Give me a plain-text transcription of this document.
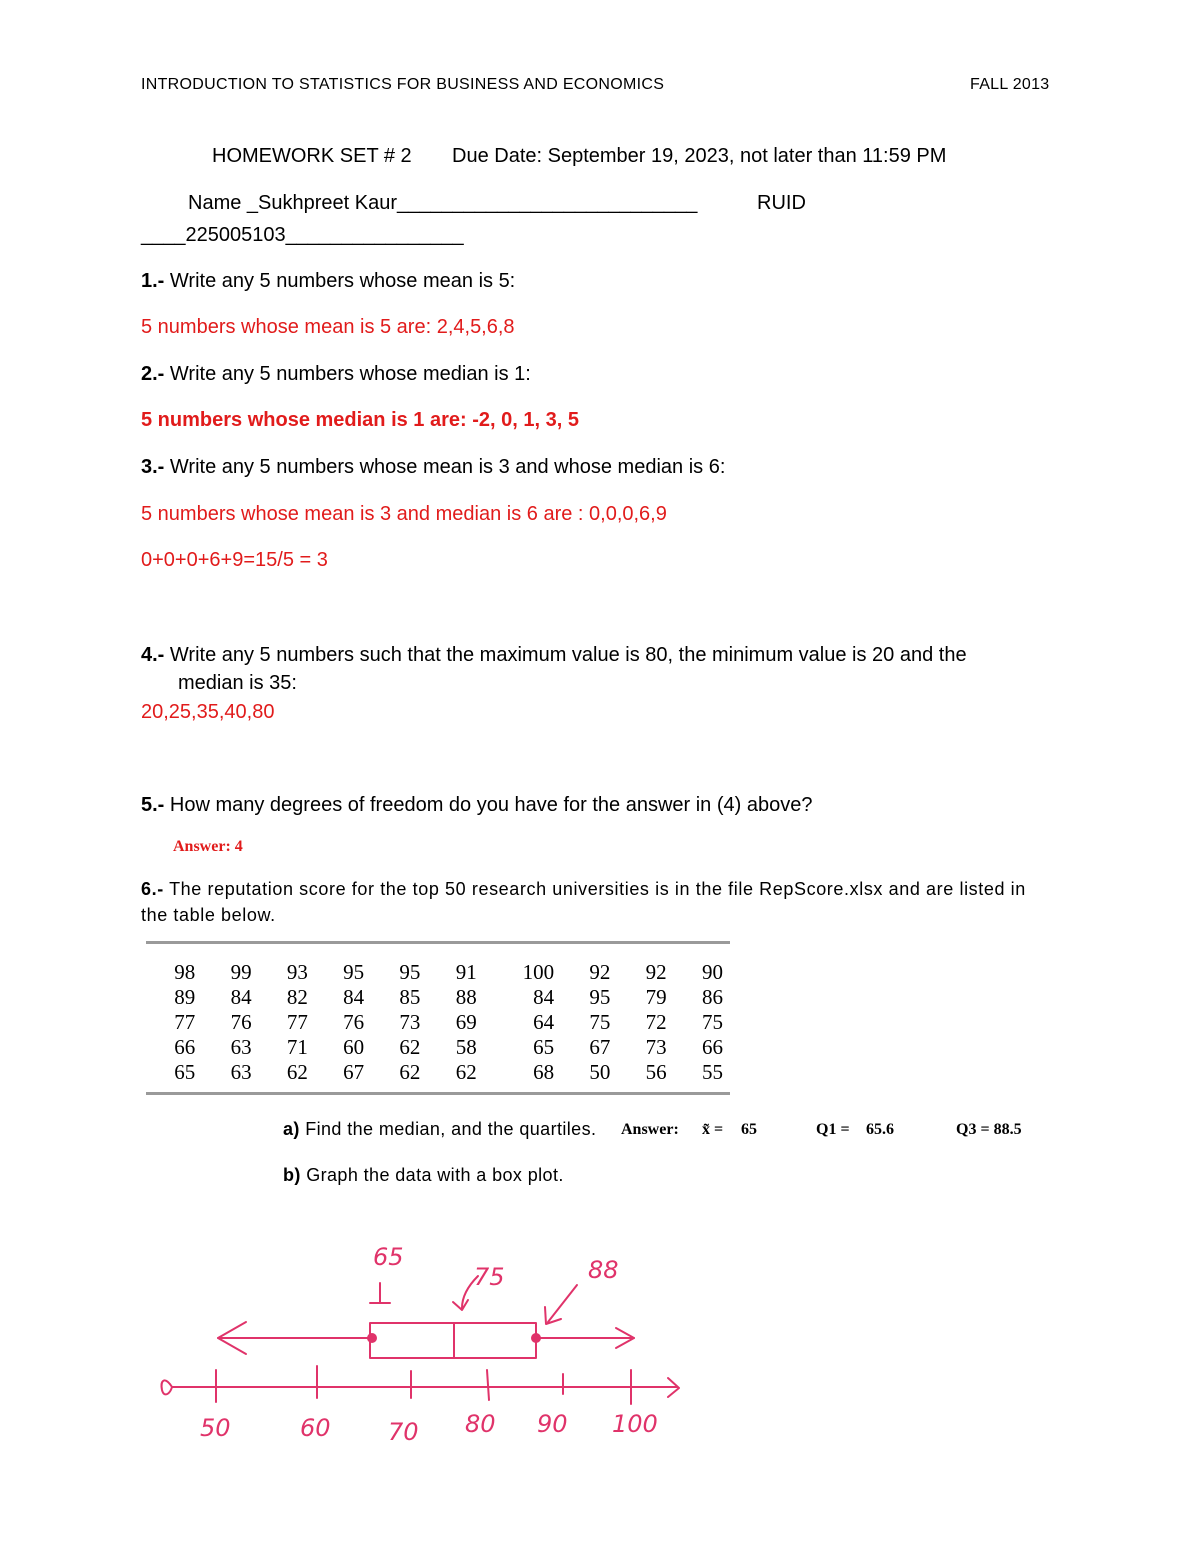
INTRODUCTION TO STATISTICS FOR BUSINESS AND ECONOMICS	FALL 2013
HOMEWORK SET # 2 Due Date: September 19, 2023, not later than 11:59 PM
Name _Sukhpreet Kaur___________________________	RUID
____225005103________________
1.- Write any 5 numbers whose mean is 5:
5 numbers whose mean is 5 are: 2,4,5,6,8
2.- Write any 5 numbers whose median is 1:
5 numbers whose median is 1 are: -2, 0, 1, 3, 5
3.- Write any 5 numbers whose mean is 3 and whose median is 6:
5 numbers whose mean is 3 and median is 6 are : 0,0,0,6,9
0+0+0+6+9=15/5 = 3
4.- Write any 5 numbers such that the maximum value is 80, the minimum value is 20 and the
median is 35:
20,25,35,40,80
5.- How many degrees of freedom do you have for the answer in (4) above?
Answer: 4
6.- The reputation score for the top 50 research universities is in the file RepScore.xlsx and are listed in
the table below.
98	99	93	95	95	91	100	92	92	90
89	84	82	84	85	88	84	95	79	86
77	76	77	76	73	69	64	75	72	75
66	63	71	60	62	58	65	67	73	66
65	63	62	67	62	62	68	50	56	55
a) Find the median, and the quartiles. Answer: x̃ = 65	Q1 = 65.6	Q3 = 88.5
b) Graph the data with a box plot.
65
75	88
50	60 70 80 90 100
